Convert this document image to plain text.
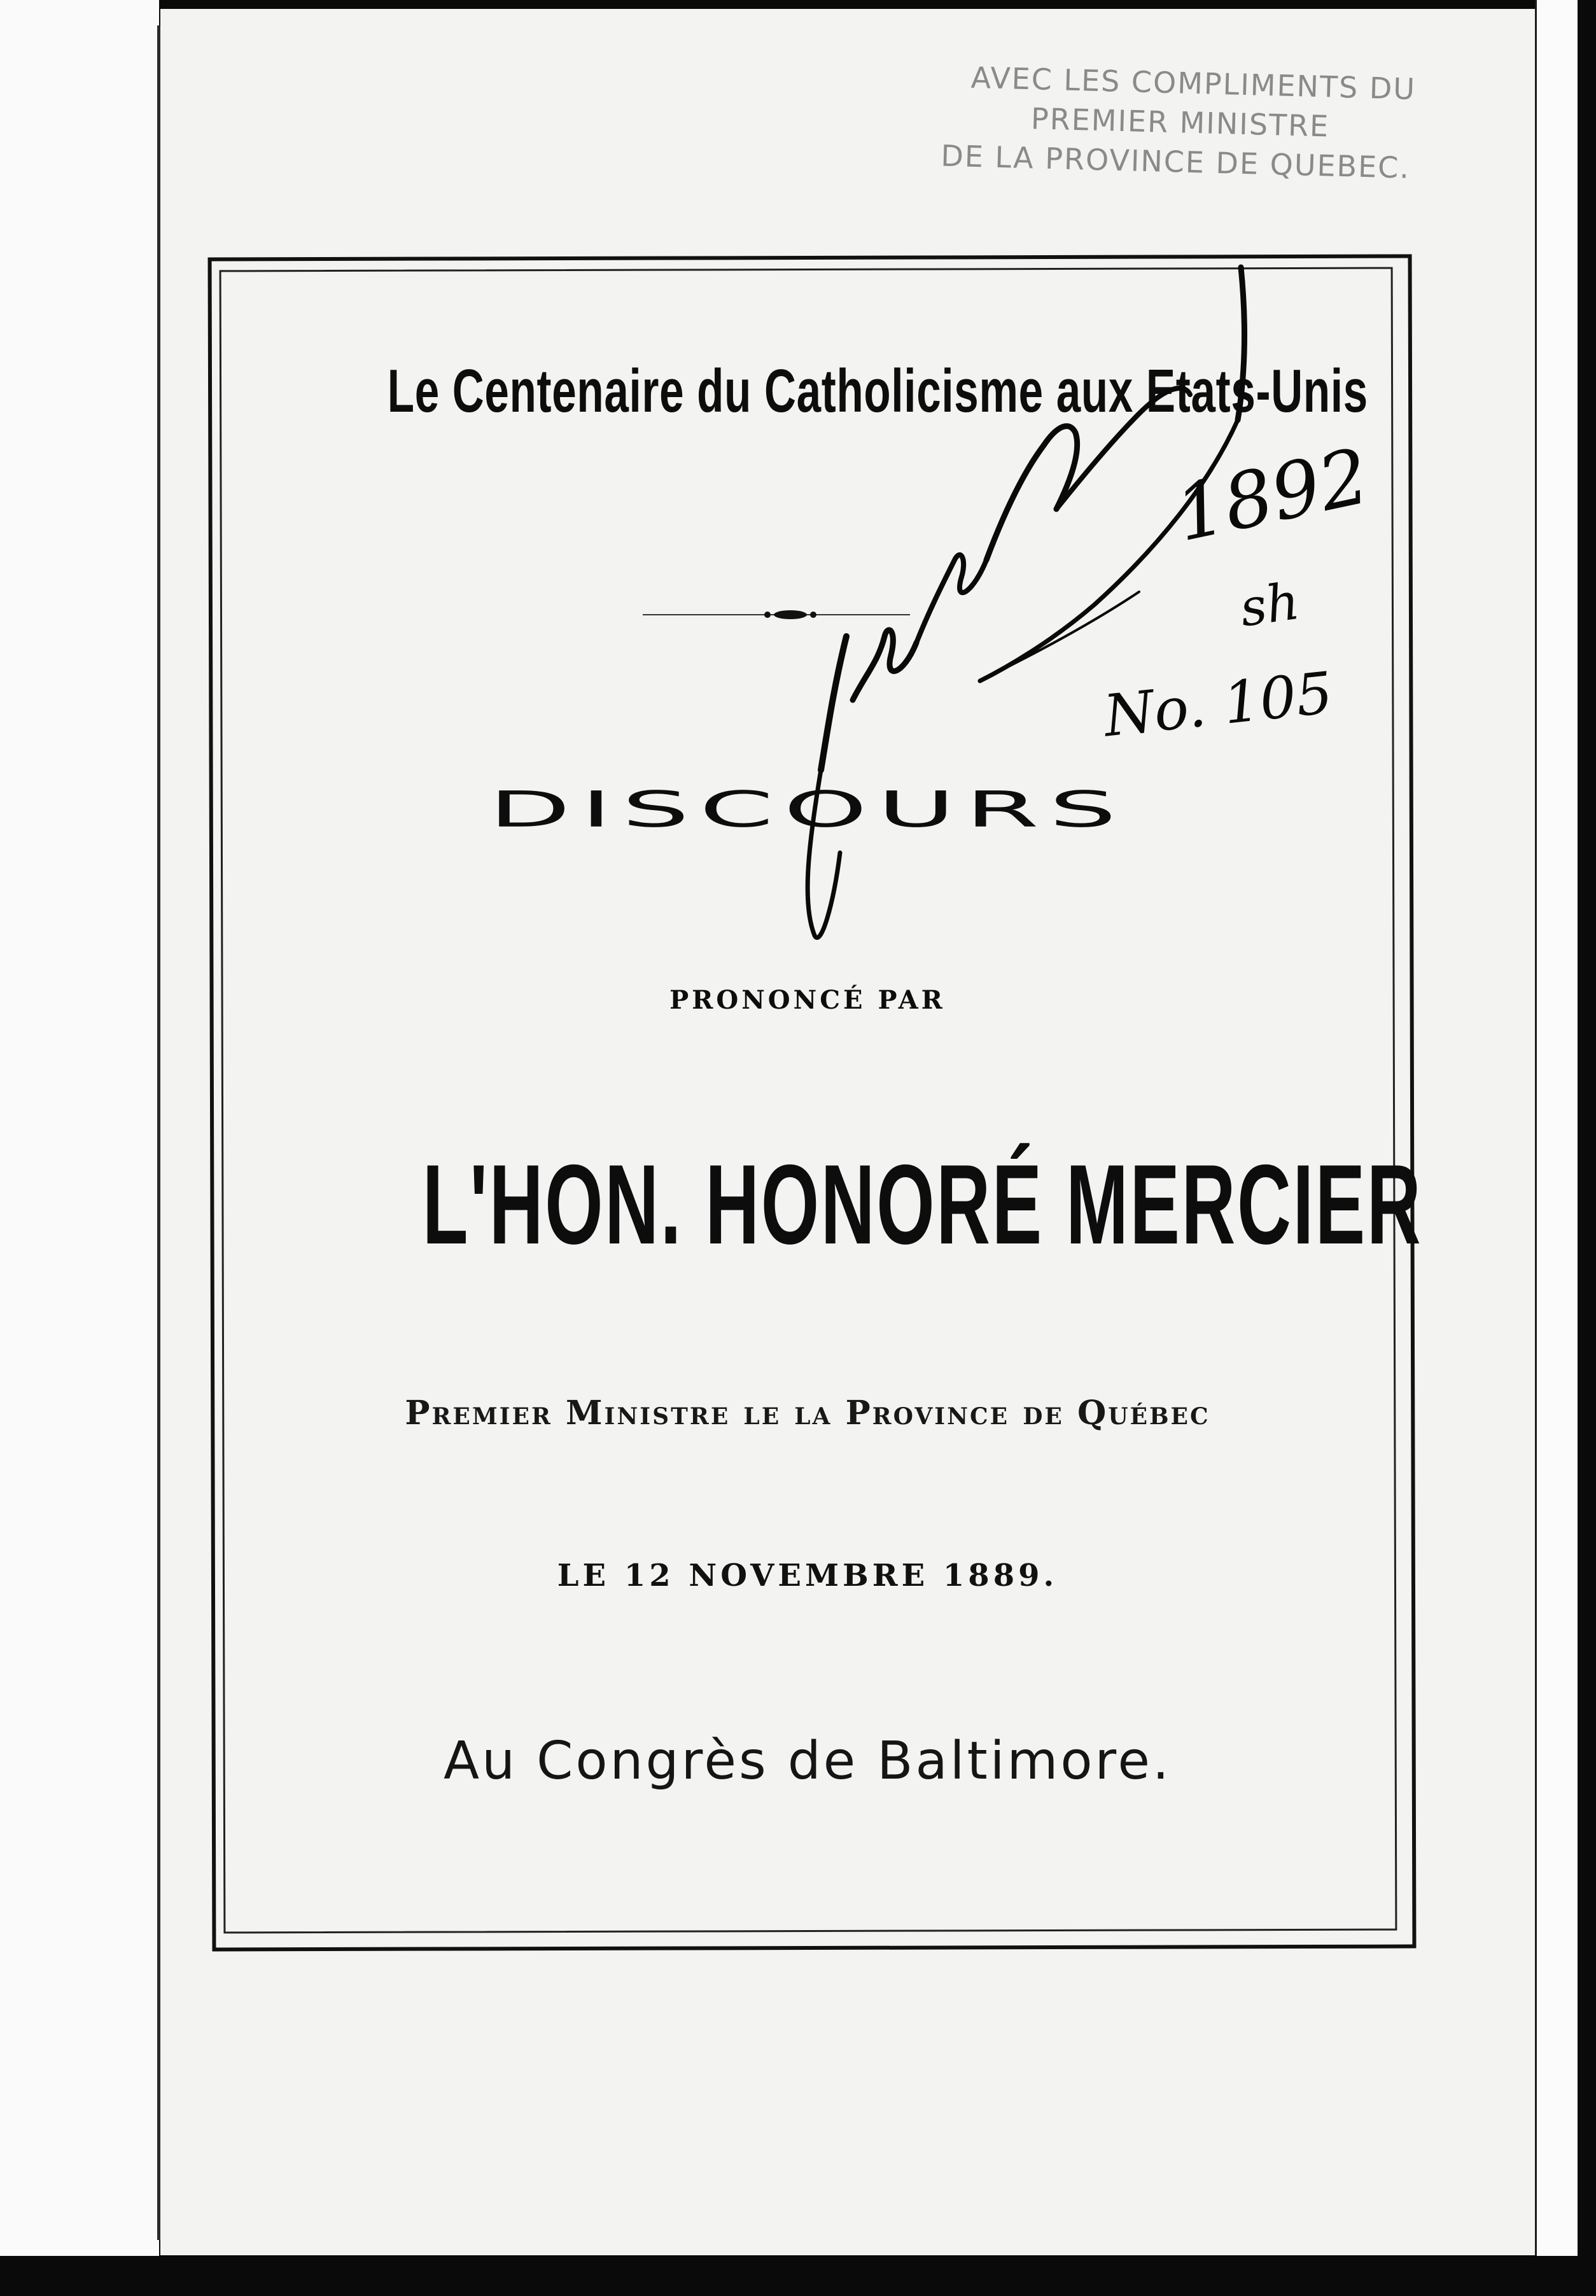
AVEC LES COMPLIMENTS DU
PREMIER MINISTRE
DE LA PROVINCE DE QUEBEC.
Le Centenaire du Catholicisme aux Etats-Unis
DISCOURS
PRONONCÉ PAR
L'HON. HONORÉ MERCIER
Premier Ministre le la Province de Québec
LE 12 NOVEMBRE 1889.
Au Congrès de Baltimore.
1892
sh
No. 105
